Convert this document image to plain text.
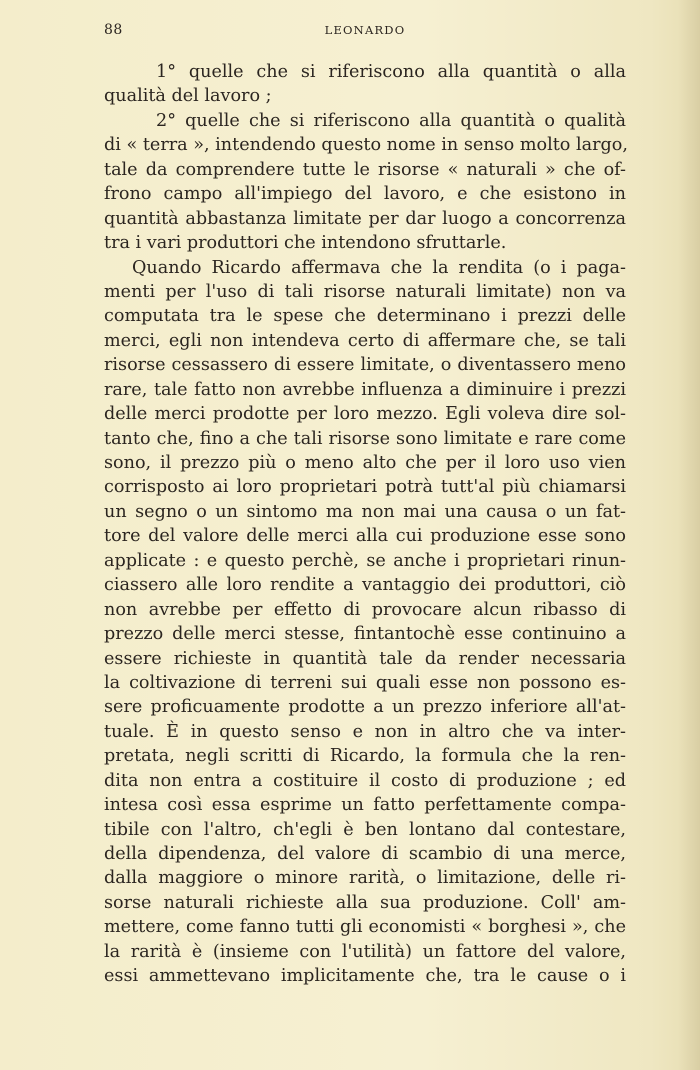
88	LEONARDO
1° quelle che si riferiscono alla quantità o alla
qualità del lavoro ;
2° quelle che si riferiscono alla quantità o qualità
di « terra », intendendo questo nome in senso molto largo,
tale da comprendere tutte le risorse « naturali » che of-
frono campo all'impiego del lavoro, e che esistono in
quantità abbastanza limitate per dar luogo a concorrenza
tra i vari produttori che intendono sfruttarle.
Quando Ricardo affermava che la rendita (o i paga-
menti per l'uso di tali risorse naturali limitate) non va
computata tra le spese che determinano i prezzi delle
merci, egli non intendeva certo di affermare che, se tali
risorse cessassero di essere limitate, o diventassero meno
rare, tale fatto non avrebbe influenza a diminuire i prezzi
delle merci prodotte per loro mezzo. Egli voleva dire sol-
tanto che, fino a che tali risorse sono limitate e rare come
sono, il prezzo più o meno alto che per il loro uso vien
corrisposto ai loro proprietari potrà tutt'al più chiamarsi
un segno o un sintomo ma non mai una causa o un fat-
tore del valore delle merci alla cui produzione esse sono
applicate : e questo perchè, se anche i proprietari rinun-
ciassero alle loro rendite a vantaggio dei produttori, ciò
non avrebbe per effetto di provocare alcun ribasso di
prezzo delle merci stesse, fintantochè esse continuino a
essere richieste in quantità tale da render necessaria
la coltivazione di terreni sui quali esse non possono es-
sere proficuamente prodotte a un prezzo inferiore all'at-
tuale. È in questo senso e non in altro che va inter-
pretata, negli scritti di Ricardo, la formula che la ren-
dita non entra a costituire il costo di produzione ; ed
intesa così essa esprime un fatto perfettamente compa-
tibile con l'altro, ch'egli è ben lontano dal contestare,
della dipendenza, del valore di scambio di una merce,
dalla maggiore o minore rarità, o limitazione, delle ri-
sorse naturali richieste alla sua produzione. Coll' am-
mettere, come fanno tutti gli economisti « borghesi », che
la rarità è (insieme con l'utilità) un fattore del valore,
essi ammettevano implicitamente che, tra le cause o i
